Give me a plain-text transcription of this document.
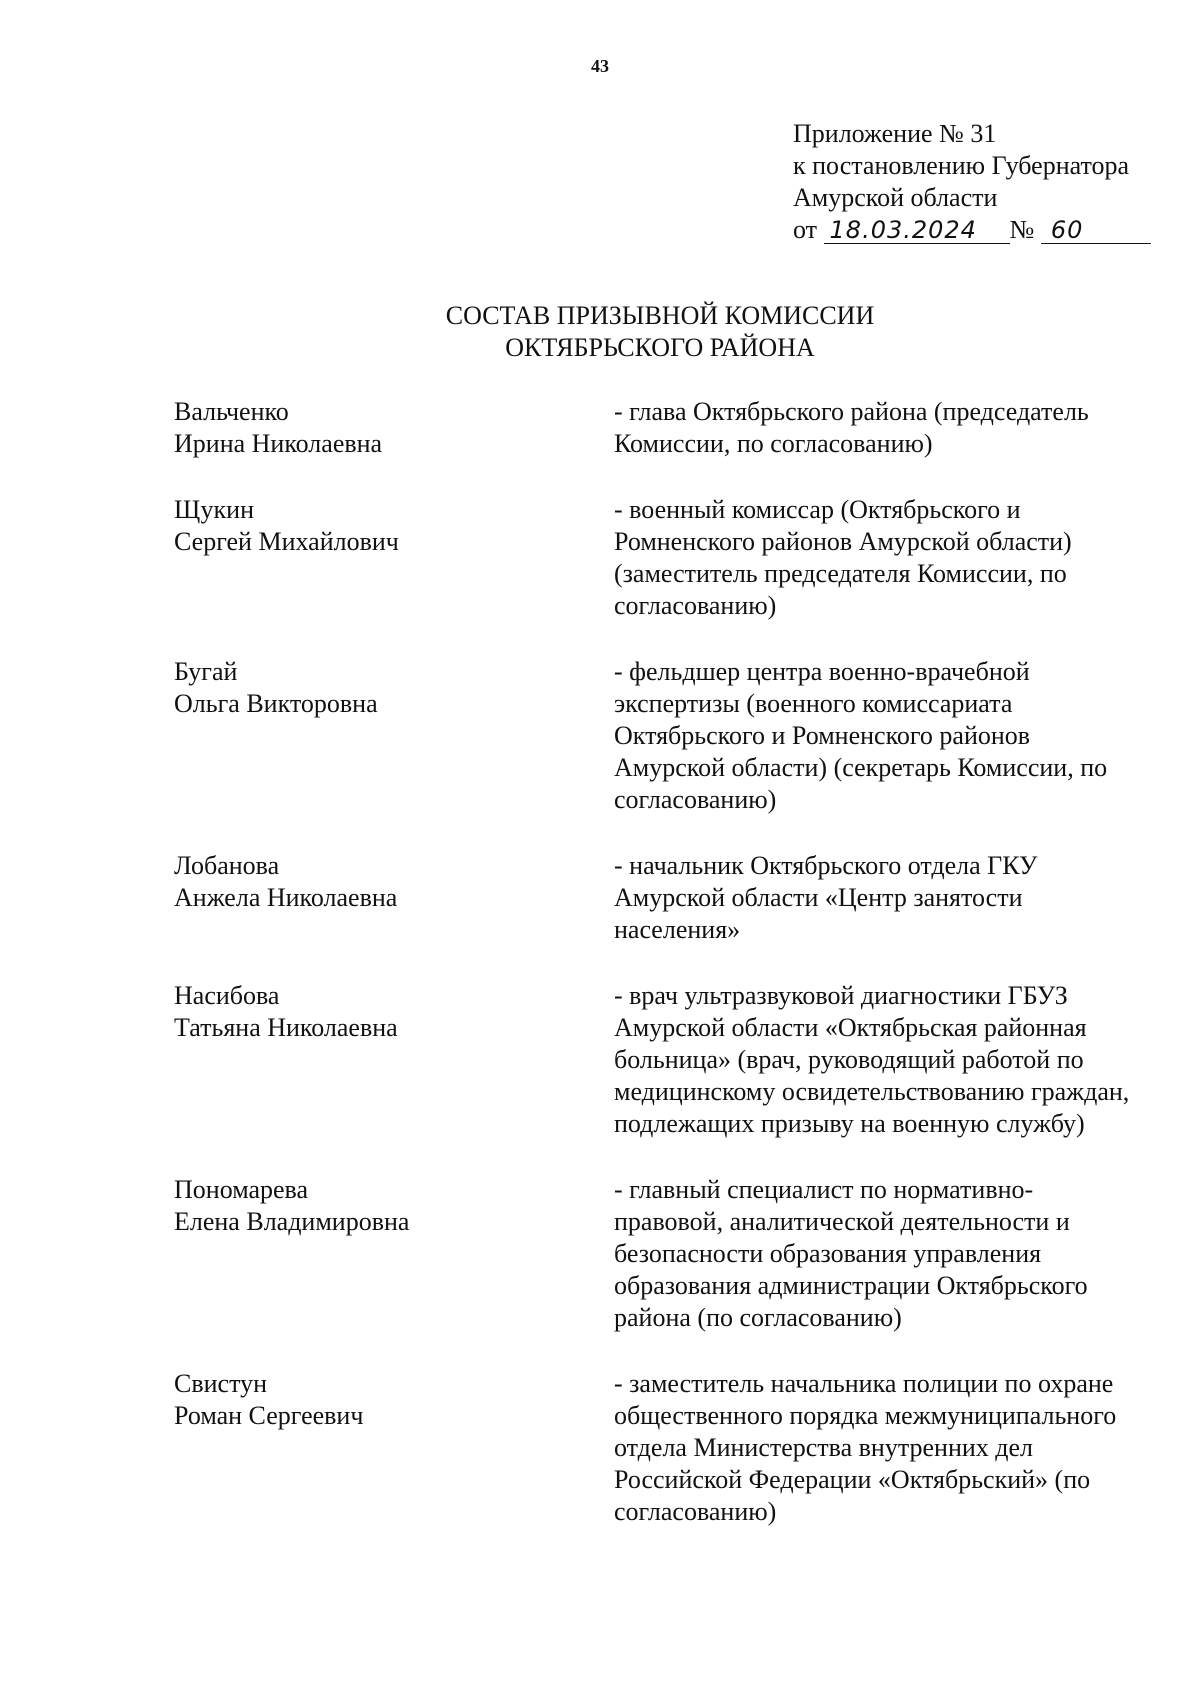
43
Приложение № 31
к постановлению Губернатора
Амурской области
от 18.03.2024 № 60
СОСТАВ ПРИЗЫВНОЙ КОМИССИИ
ОКТЯБРЬСКОГО РАЙОНА
Вальченко
Ирина Николаевна
- глава Октябрьского района (председатель Комиссии, по согласованию)
Щукин
Сергей Михайлович
- военный комиссар (Октябрьского и Ромненского районов Амурской области) (заместитель председателя Комиссии, по согласованию)
Бугай
Ольга Викторовна
- фельдшер центра военно-врачебной экспертизы (военного комиссариата Октябрьского и Ромненского районов Амурской области) (секретарь Комиссии, по согласованию)
Лобанова
Анжела Николаевна
- начальник Октябрьского отдела ГКУ Амурской области «Центр занятости населения»
Насибова
Татьяна Николаевна
- врач ультразвуковой диагностики ГБУЗ Амурской области «Октябрьская районная больница» (врач, руководящий работой по медицинскому освидетельствованию граждан, подлежащих призыву на военную службу)
Пономарева
Елена Владимировна
- главный специалист по нормативно-правовой, аналитической деятельности и безопасности образования управления образования администрации Октябрьского района (по согласованию)
Свистун
Роман Сергеевич
- заместитель начальника полиции по охране общественного порядка межмуниципального отдела Министерства внутренних дел Российской Федерации «Октябрьский» (по согласованию)
